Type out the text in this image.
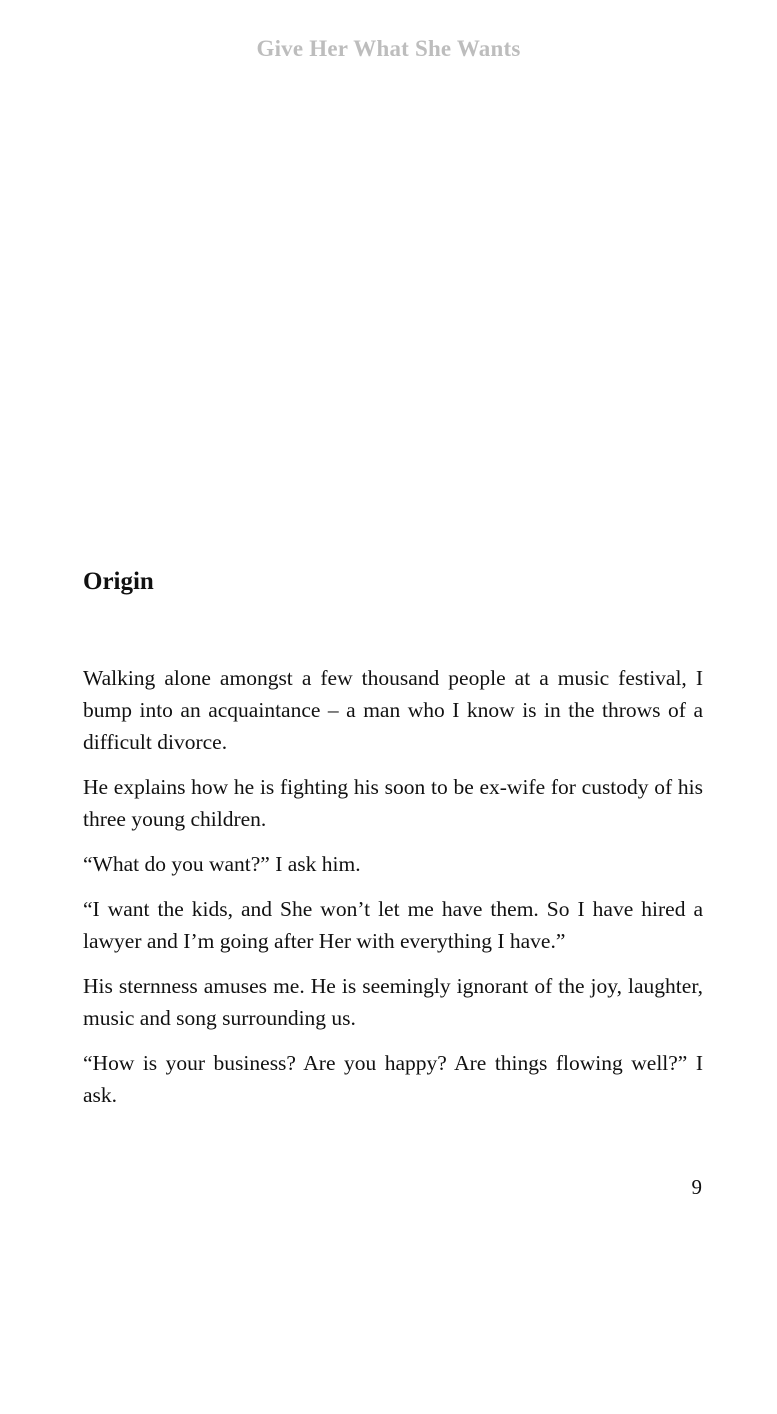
Give Her What She Wants
Origin

Walking alone amongst a few thousand people at a music festival, I bump into an acquaintance – a man who I know is in the throws of a difficult divorce.

He explains how he is fighting his soon to be ex-wife for custody of his three young children.

“What do you want?” I ask him.

“I want the kids, and She won’t let me have them. So I have hired a lawyer and I’m going after Her with everything I have.”

His sternness amuses me. He is seemingly ignorant of the joy, laughter, music and song surrounding us.

“How is your business? Are you happy? Are things flowing well?” I ask.

9
